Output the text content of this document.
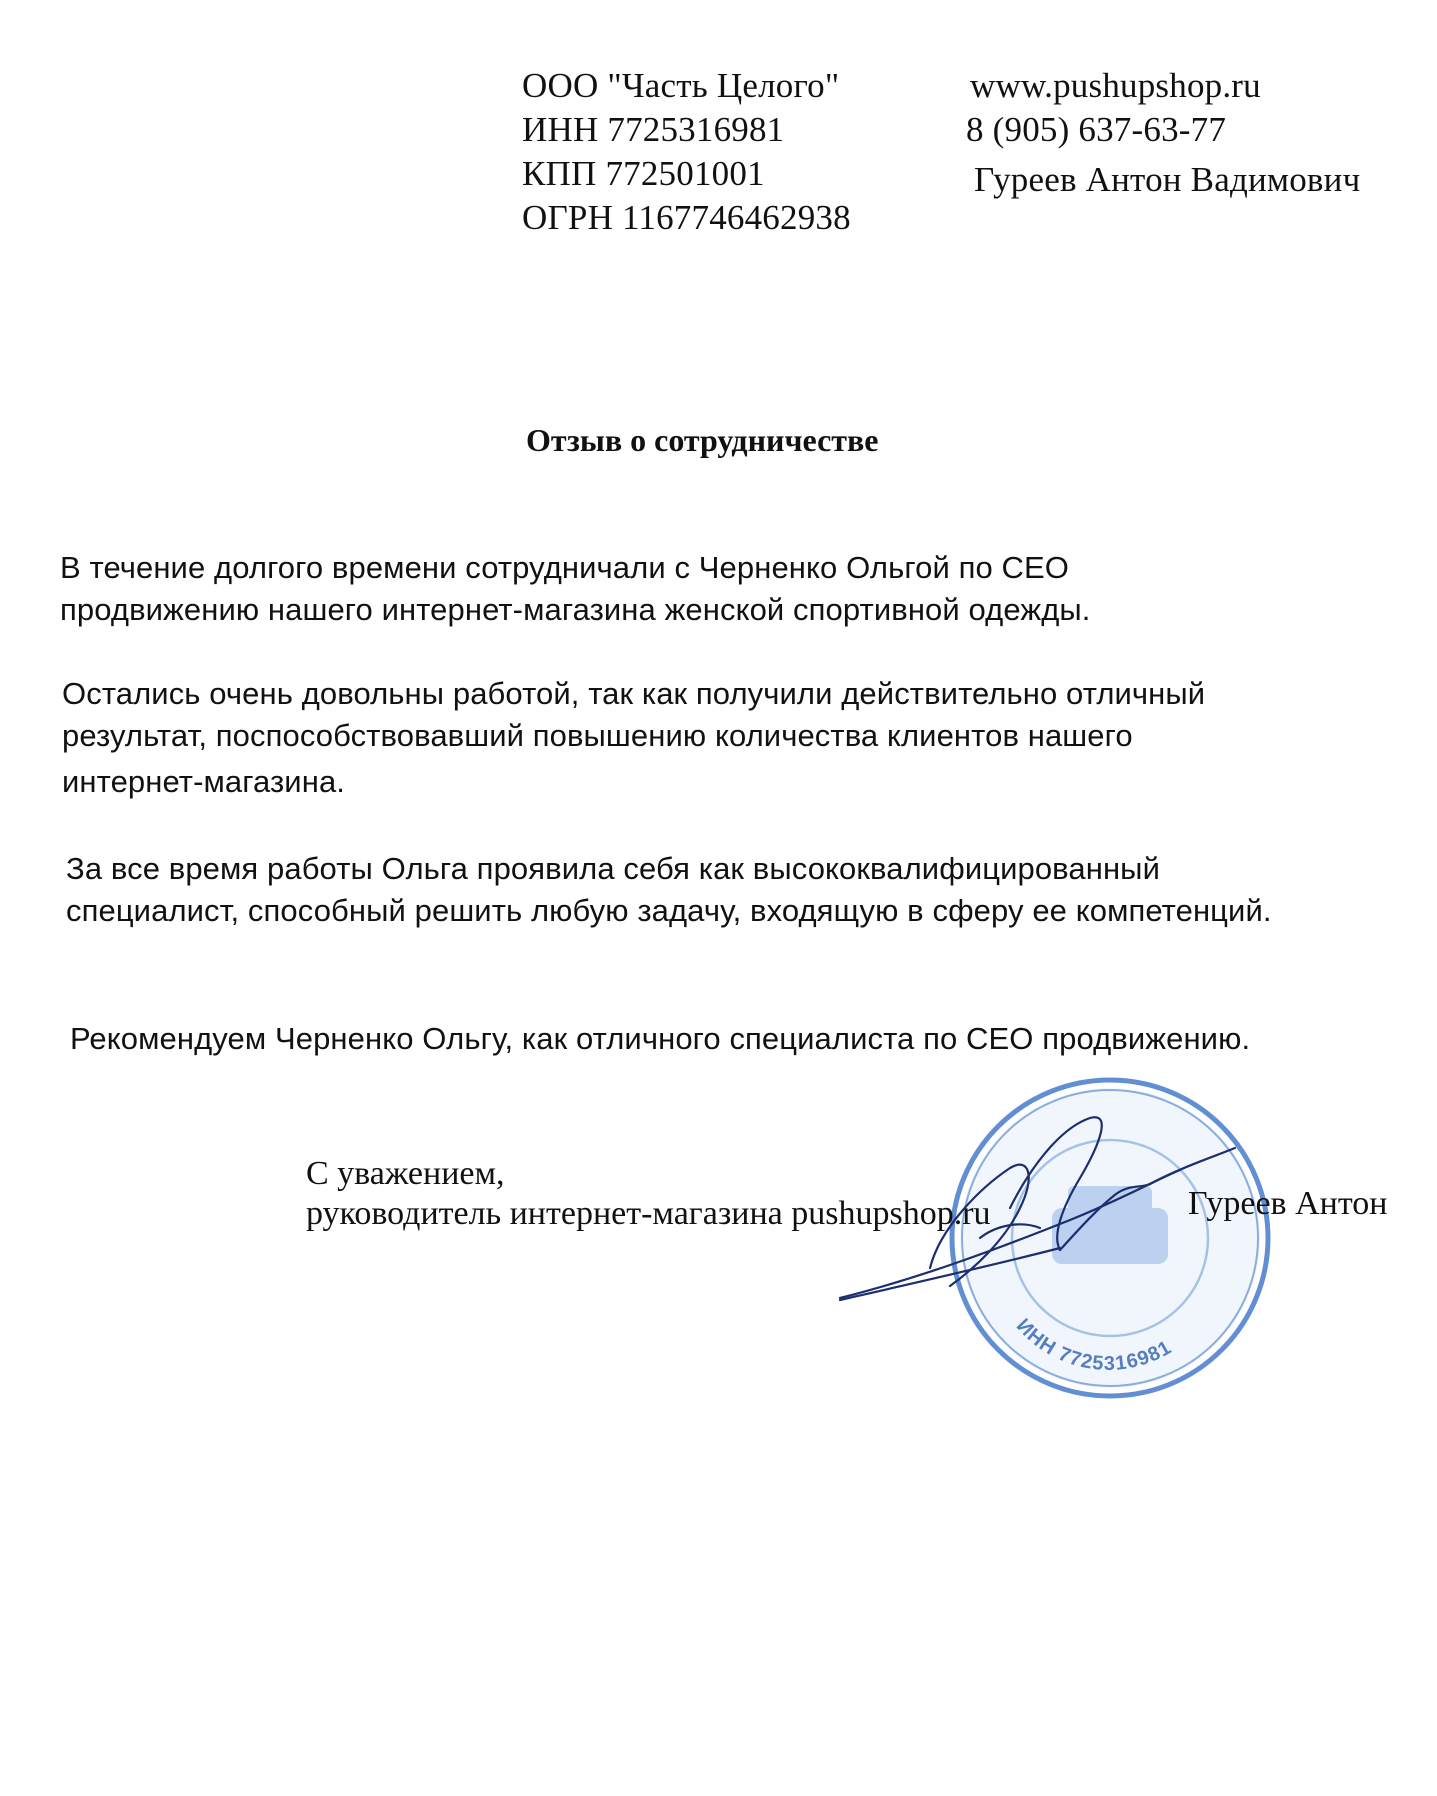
ООО "Часть Целого"
ИНН 7725316981
КПП 772501001
ОГРН 1167746462938
www.pushupshop.ru
8 (905) 637-63-77
Гуреев Антон Вадимович
Отзыв о сотрудничестве
В течение долгого времени сотрудничали с Черненко Ольгой по СЕО
продвижению нашего интернет-магазина женской спортивной одежды.
Остались очень довольны работой, так как получили действительно отличный
результат, поспособствовавший повышению количества клиентов нашего
интернет-магазина.
За все время работы Ольга проявила себя как высококвалифицированный
специалист, способный решить любую задачу, входящую в сферу ее компетенций.
Рекомендуем Черненко Ольгу, как отличного специалиста по СЕО продвижению.
ИНН 7725316981
С уважением,
руководитель интернет-магазина pushupshop.ru	Гуреев Антон
